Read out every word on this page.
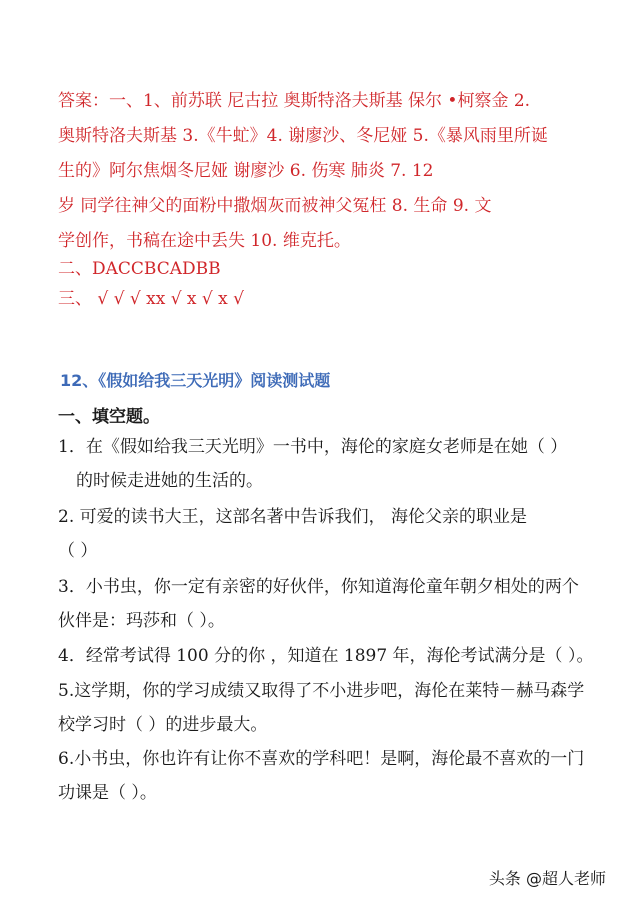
答案：一、1、前苏联 尼古拉 奥斯特洛夫斯基 保尔 •柯察金 2.
奥斯特洛夫斯基 3.《牛虻》4. 谢廖沙、冬尼娅 5.《暴风雨里所诞
生的》阿尔焦烟冬尼娅 谢廖沙 6. 伤寒 肺炎 7. 12
岁 同学往神父的面粉中撒烟灰而被神父冤枉 8. 生命 9. 文
学创作，书稿在途中丢失 10. 维克托。
二、DACCBCADBB
三、 √ √ √ xx √ x √ x √
12、《假如给我三天光明》阅读测试题
一、填空题。
1．在《假如给我三天光明》一书中，海伦的家庭女老师是在她（ ）
的时候走进她的生活的。
2. 可爱的读书大王，这部名著中告诉我们， 海伦父亲的职业是
（ ）
3．小书虫，你一定有亲密的好伙伴，你知道海伦童年朝夕相处的两个
伙伴是：玛莎和（ ）。
4．经常考试得 100 分的你 ，知道在 1897 年，海伦考试满分是（ ）。
5.这学期，你的学习成绩又取得了不小进步吧，海伦在莱特－赫马森学
校学习时（ ）的进步最大。
6.小书虫，你也许有让你不喜欢的学科吧！是啊，海伦最不喜欢的一门
功课是（ ）。
头条 @超人老师
